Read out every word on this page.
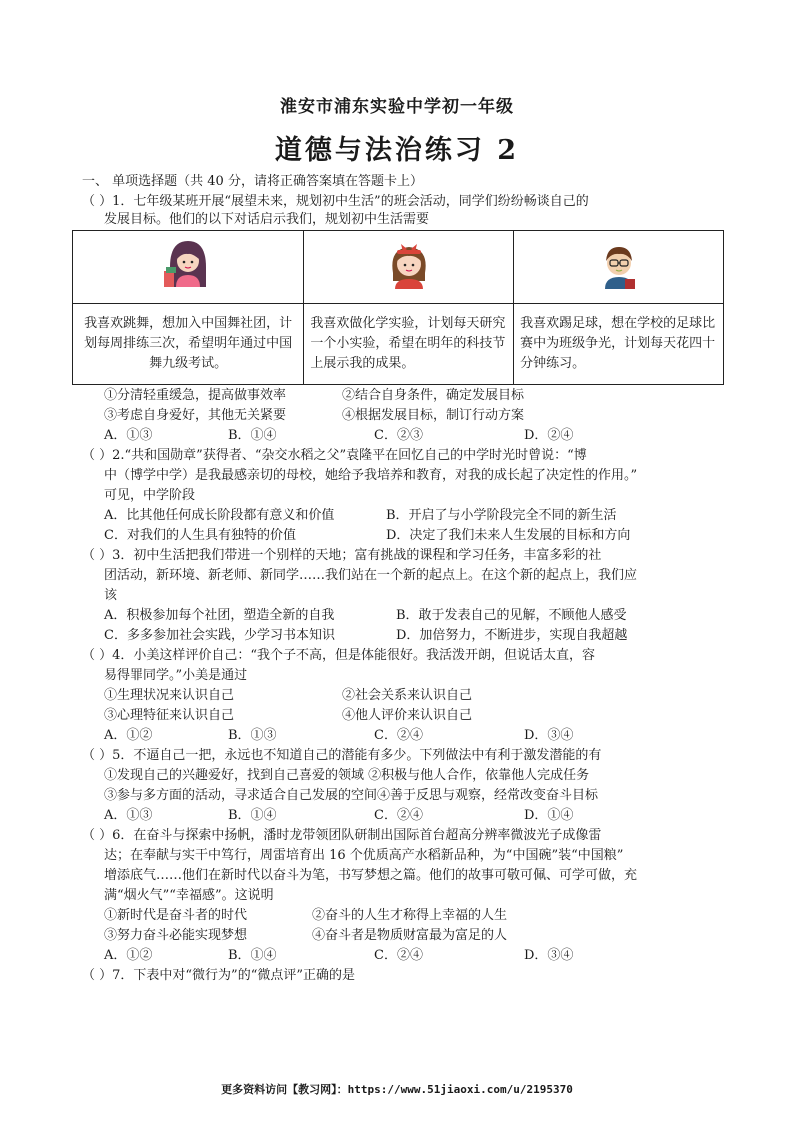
淮安市浦东实验中学初一年级
道德与法治练习 2
一、 单项选择题（共 40 分，请将正确答案填在答题卡上）
（ ）1．七年级某班开展“展望未来，规划初中生活”的班会活动，同学们纷纷畅谈自己的
发展目标。他们的以下对话启示我们，规划初中生活需要

我喜欢跳舞，想加入中国舞社团，计划每周排练三次，希望明年通过中国舞九级考试。	我喜欢做化学实验，计划每天研究一个小实验，希望在明年的科技节上展示我的成果。	我喜欢踢足球，想在学校的足球比赛中为班级争光，计划每天花四十分钟练习。
①分清轻重缓急，提高做事效率	②结合自身条件，确定发展目标
③考虑自身爱好，其他无关紧要	④根据发展目标，制订行动方案
A．①③	B．①④	C．②③	D．②④
（ ）2.“共和国勋章”获得者、“杂交水稻之父”袁隆平在回忆自己的中学时光时曾说：“博
中（博学中学）是我最感亲切的母校，她给予我培养和教育，对我的成长起了决定性的作用。”
可见，中学阶段
A．比其他任何成长阶段都有意义和价值	B．开启了与小学阶段完全不同的新生活
C．对我们的人生具有独特的价值	D．决定了我们未来人生发展的目标和方向
（ ）3．初中生活把我们带进一个别样的天地；富有挑战的课程和学习任务，丰富多彩的社
团活动，新环境、新老师、新同学……我们站在一个新的起点上。在这个新的起点上，我们应
该
A．积极参加每个社团，塑造全新的自我	B．敢于发表自己的见解，不顾他人感受
C．多多参加社会实践，少学习书本知识	D．加倍努力，不断进步，实现自我超越
（ ）4．小美这样评价自己：“我个子不高，但是体能很好。我活泼开朗，但说话太直，容
易得罪同学。”小美是通过
①生理状况来认识自己	②社会关系来认识自己
③心理特征来认识自己	④他人评价来认识自己
A．①②	B．①③	C．②④	D．③④
（ ）5．不逼自己一把，永远也不知道自己的潜能有多少。下列做法中有利于激发潜能的有
①发现自己的兴趣爱好，找到自己喜爱的领域 ②积极与他人合作，依靠他人完成任务
③参与多方面的活动，寻求适合自己发展的空间④善于反思与观察，经常改变奋斗目标
A．①③	B．①④	C．②④	D．①④
（ ）6．在奋斗与探索中扬帆，潘时龙带领团队研制出国际首台超高分辨率微波光子成像雷
达；在奉献与实干中笃行，周雷培育出 16 个优质高产水稻新品种，为“中国碗”装“中国粮”
增添底气……他们在新时代以奋斗为笔，书写梦想之篇。他们的故事可敬可佩、可学可做，充
满“烟火气”“幸福感”。这说明
①新时代是奋斗者的时代	②奋斗的人生才称得上幸福的人生
③努力奋斗必能实现梦想	④奋斗者是物质财富最为富足的人
A．①②	B．①④	C．②④	D．③④
（ ）7．下表中对“微行为”的“微点评”正确的是
更多资料访问【教习网】：https://www.51jiaoxi.com/u/2195370
